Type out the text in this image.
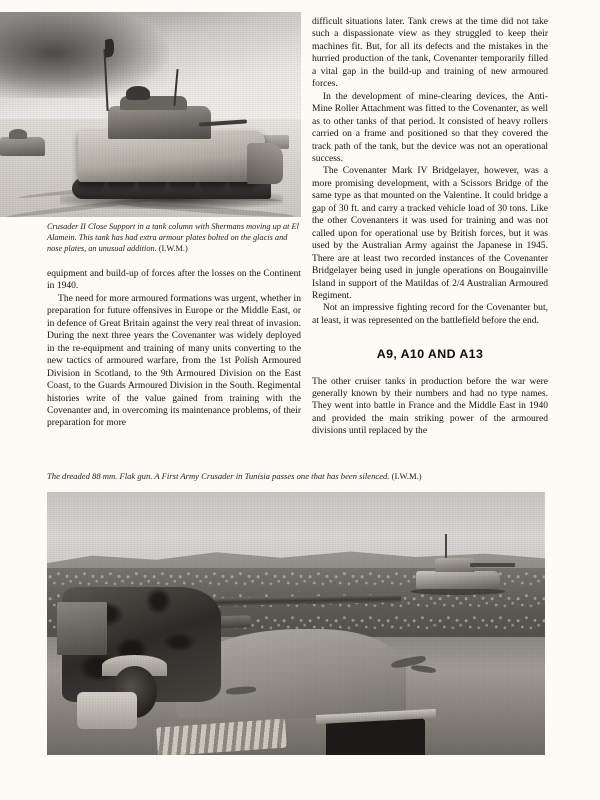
Crusader II Close Support in a tank column with Shermans moving up at El Alamein. This tank has had extra armour plates bolted on the glacis and nose plates, an unusual addition. (I.W.M.)

equipment and build-up of forces after the losses on the Continent in 1940.

The need for more armoured formations was urgent, whether in preparation for future offensives in Europe or the Middle East, or in defence of Great Britain against the very real threat of invasion. During the next three years the Covenanter was widely deployed in the re-equipment and training of many units converting to the new tactics of armoured warfare, from the 1st Polish Armoured Division in Scotland, to the 9th Armoured Division on the East Coast, to the Guards Armoured Division in the South. Regimental histories write of the value gained from training with the Covenanter and, in overcoming its maintenance problems, of their preparation for more

difficult situations later. Tank crews at the time did not take such a dispassionate view as they struggled to keep their machines fit. But, for all its defects and the mistakes in the hurried production of the tank, Covenanter temporarily filled a vital gap in the build-up and training of new armoured forces.

In the development of mine-clearing devices, the Anti-Mine Roller Attachment was fitted to the Covenanter, as well as to other tanks of that period. It consisted of heavy rollers carried on a frame and positioned so that they covered the track path of the tank, but the device was not an operational success.

The Covenanter Mark IV Bridgelayer, however, was a more promising development, with a Scissors Bridge of the same type as that mounted on the Valentine. It could bridge a gap of 30 ft. and carry a tracked vehicle load of 30 tons. Like the other Covenanters it was used for training and was not called upon for operational use by British forces, but it was used by the Australian Army against the Japanese in 1945. There are at least two recorded instances of the Covenanter Bridgelayer being used in jungle operations on Bougainville Island in support of the Matildas of 2/4 Australian Armoured Regiment.

Not an impressive fighting record for the Covenanter but, at least, it was represented on the battlefield before the end.

A9, A10 AND A13

The other cruiser tanks in production before the war were generally known by their numbers and had no type names. They went into battle in France and the Middle East in 1940 and provided the main striking power of the armoured divisions until replaced by the

The dreaded 88 mm. Flak gun. A First Army Crusader in Tunisia passes one that has been silenced. (I.W.M.)
